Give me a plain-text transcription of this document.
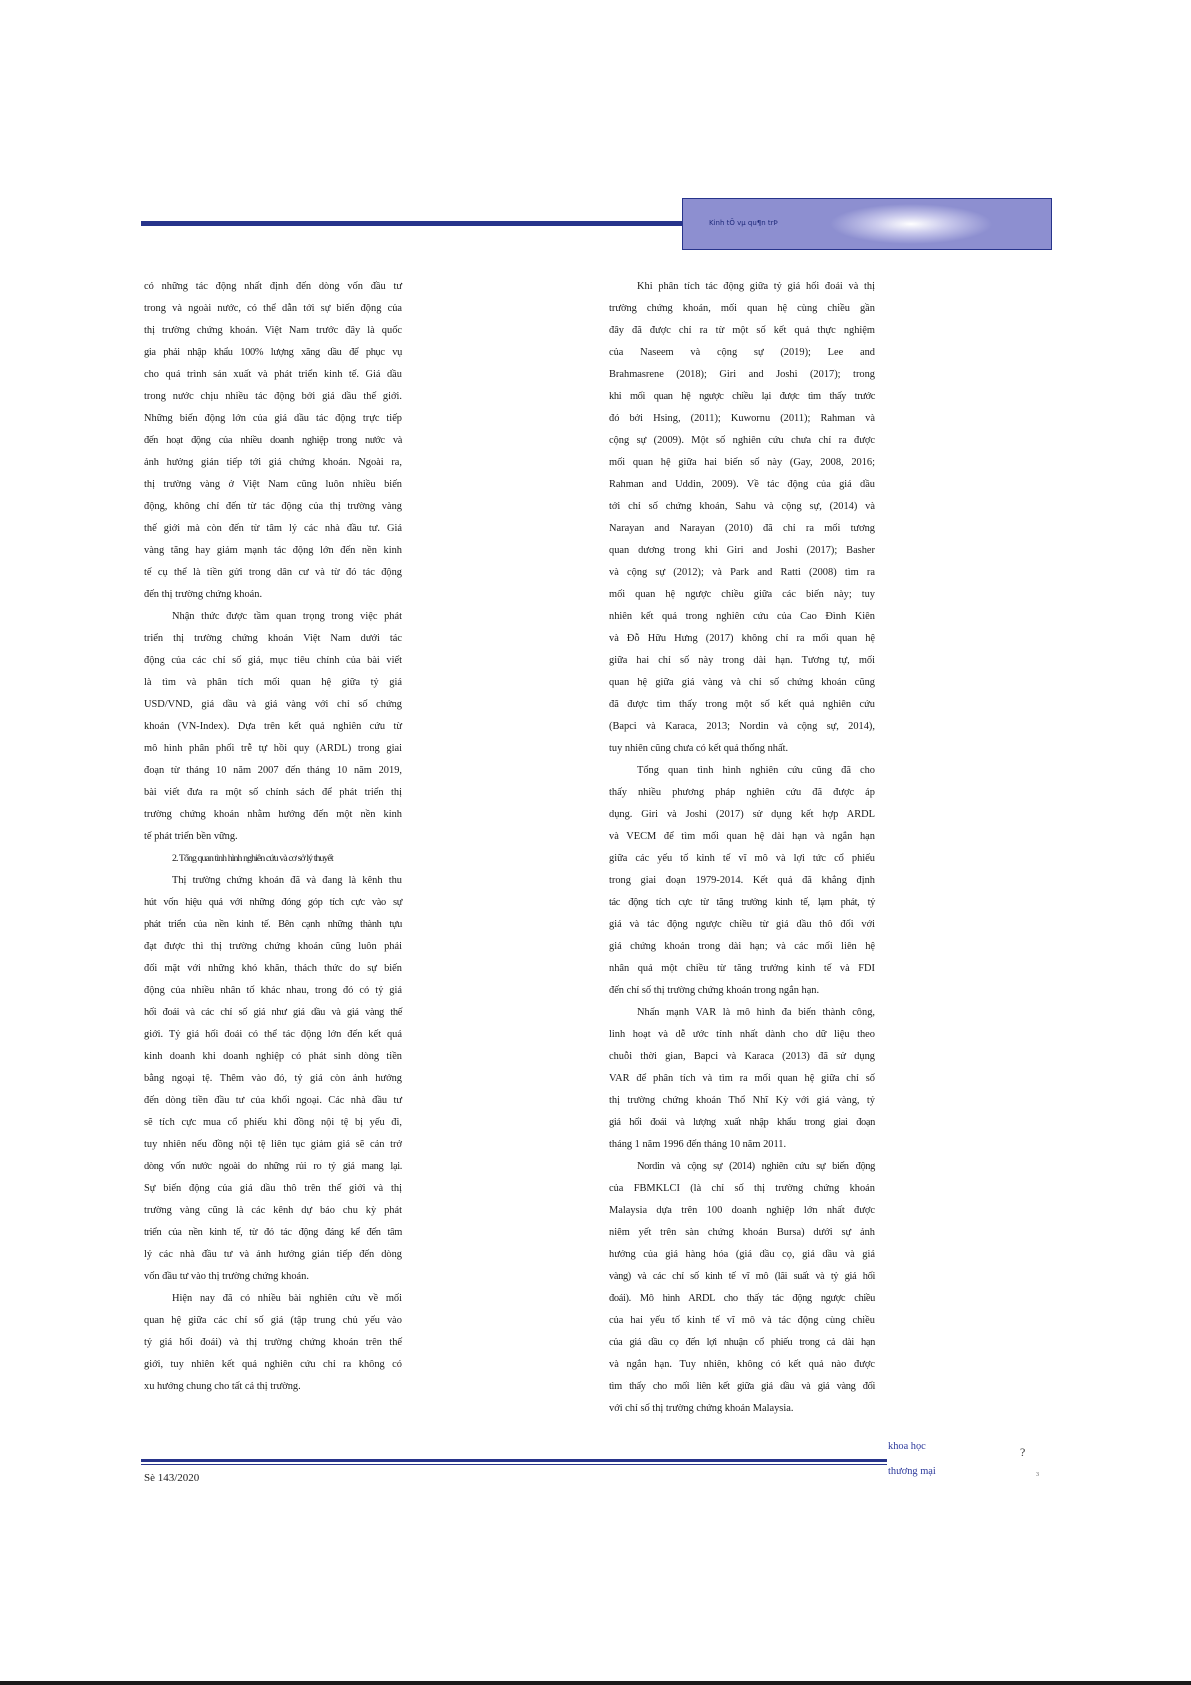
Kinh tÕ vµ qu¶n trÞ
có những tác động nhất định đến dòng vốn đầu tư
trong và ngoài nước, có thể dẫn tới sự biến động của
thị trường chứng khoán. Việt Nam trước đây là quốc
gia phải nhập khẩu 100% lượng xăng dầu để phục vụ
cho quá trình sản xuất và phát triển kinh tế. Giá dầu
trong nước chịu nhiều tác động bởi giá dầu thế giới.
Những biến động lớn của giá dầu tác động trực tiếp
đến hoạt động của nhiều doanh nghiệp trong nước và
ảnh hưởng gián tiếp tới giá chứng khoán. Ngoài ra,
thị trường vàng ở Việt Nam cũng luôn nhiều biến
động, không chỉ đến từ tác động của thị trường vàng
thế giới mà còn đến từ tâm lý các nhà đầu tư. Giá
vàng tăng hay giảm mạnh tác động lớn đến nền kinh
tế cụ thể là tiền gửi trong dân cư và từ đó tác động
đến thị trường chứng khoán.
Nhận thức được tầm quan trọng trong việc phát
triển thị trường chứng khoán Việt Nam dưới tác
động của các chỉ số giá, mục tiêu chính của bài viết
là tìm và phân tích mối quan hệ giữa tỷ giá
USD/VND, giá dầu và giá vàng với chỉ số chứng
khoán (VN-Index). Dựa trên kết quả nghiên cứu từ
mô hình phân phối trễ tự hồi quy (ARDL) trong giai
đoạn từ tháng 10 năm 2007 đến tháng 10 năm 2019,
bài viết đưa ra một số chính sách để phát triển thị
trường chứng khoán nhằm hướng đến một nền kinh
tế phát triển bền vững.
2. Tổng quan tình hình nghiên cứu và cơ sở lý thuyết
Thị trường chứng khoán đã và đang là kênh thu
hút vốn hiệu quả với những đóng góp tích cực vào sự
phát triển của nền kinh tế. Bên cạnh những thành tựu
đạt được thì thị trường chứng khoán cũng luôn phải
đối mặt với những khó khăn, thách thức do sự biến
động của nhiều nhân tố khác nhau, trong đó có tỷ giá
hối đoái và các chỉ số giá như giá dầu và giá vàng thế
giới. Tỷ giá hối đoái có thể tác động lớn đến kết quả
kinh doanh khi doanh nghiệp có phát sinh dòng tiền
bằng ngoại tệ. Thêm vào đó, tỷ giá còn ảnh hưởng
đến dòng tiền đầu tư của khối ngoại. Các nhà đầu tư
sẽ tích cực mua cổ phiếu khi đồng nội tệ bị yếu đi,
tuy nhiên nếu đồng nội tệ liên tục giảm giá sẽ cản trở
dòng vốn nước ngoài do những rủi ro tỷ giá mang lại.
Sự biến động của giá dầu thô trên thế giới và thị
trường vàng cũng là các kênh dự báo chu kỳ phát
triển của nền kinh tế, từ đó tác động đáng kể đến tâm
lý các nhà đầu tư và ảnh hưởng gián tiếp đến dòng
vốn đầu tư vào thị trường chứng khoán.
Hiện nay đã có nhiều bài nghiên cứu về mối
quan hệ giữa các chỉ số giá (tập trung chủ yếu vào
tỷ giá hối đoái) và thị trường chứng khoán trên thế
giới, tuy nhiên kết quả nghiên cứu chỉ ra không có
xu hướng chung cho tất cả thị trường.
Khi phân tích tác động giữa tỷ giá hối đoái và thị
trường chứng khoán, mối quan hệ cùng chiều gần
đây đã được chỉ ra từ một số kết quả thực nghiệm
của Naseem và cộng sự (2019); Lee and
Brahmasrene (2018); Giri and Joshi (2017); trong
khi mối quan hệ ngược chiều lại được tìm thấy trước
đó bởi Hsing, (2011); Kuwornu (2011); Rahman và
cộng sự (2009). Một số nghiên cứu chưa chỉ ra được
mối quan hệ giữa hai biến số này (Gay, 2008, 2016;
Rahman and Uddin, 2009). Về tác động của giá dầu
tới chỉ số chứng khoán, Sahu và cộng sự, (2014) và
Narayan and Narayan (2010) đã chỉ ra mối tương
quan dương trong khi Giri and Joshi (2017); Basher
và cộng sự (2012); và Park and Ratti (2008) tìm ra
mối quan hệ ngược chiều giữa các biến này; tuy
nhiên kết quả trong nghiên cứu của Cao Đình Kiên
và Đỗ Hữu Hưng (2017) không chỉ ra mối quan hệ
giữa hai chỉ số này trong dài hạn. Tương tự, mối
quan hệ giữa giá vàng và chỉ số chứng khoán cũng
đã được tìm thấy trong một số kết quả nghiên cứu
(Bapci và Karaca, 2013; Nordin và cộng sự, 2014),
tuy nhiên cũng chưa có kết quả thống nhất.
Tổng quan tình hình nghiên cứu cũng đã cho
thấy nhiều phương pháp nghiên cứu đã được áp
dụng. Giri và Joshi (2017) sử dụng kết hợp ARDL
và VECM để tìm mối quan hệ dài hạn và ngắn hạn
giữa các yếu tố kinh tế vĩ mô và lợi tức cổ phiếu
trong giai đoạn 1979-2014. Kết quả đã khẳng định
tác động tích cực từ tăng trưởng kinh tế, lạm phát, tỷ
giá và tác động ngược chiều từ giá dầu thô đối với
giá chứng khoán trong dài hạn; và các mối liên hệ
nhân quả một chiều từ tăng trưởng kinh tế và FDI
đến chỉ số thị trường chứng khoán trong ngắn hạn.
Nhấn mạnh VAR là mô hình đa biến thành công,
linh hoạt và dễ ước tính nhất dành cho dữ liệu theo
chuỗi thời gian, Bapci và Karaca (2013) đã sử dụng
VAR để phân tích và tìm ra mối quan hệ giữa chỉ số
thị trường chứng khoán Thổ Nhĩ Kỳ với giá vàng, tỷ
giá hối đoái và lượng xuất nhập khẩu trong giai đoạn
tháng 1 năm 1996 đến tháng 10 năm 2011.
Nordin và cộng sự (2014) nghiên cứu sự biến động
của FBMKLCI (là chỉ số thị trường chứng khoán
Malaysia dựa trên 100 doanh nghiệp lớn nhất được
niêm yết trên sàn chứng khoán Bursa) dưới sự ảnh
hưởng của giá hàng hóa (giá dầu cọ, giá dầu và giá
vàng) và các chỉ số kinh tế vĩ mô (lãi suất và tỷ giá hối
đoái). Mô hình ARDL cho thấy tác động ngược chiều
của hai yếu tố kinh tế vĩ mô và tác động cùng chiều
của giá dầu cọ đến lợi nhuận cổ phiếu trong cả dài hạn
và ngắn hạn. Tuy nhiên, không có kết quả nào được
tìm thấy cho mối liên kết giữa giá dầu và giá vàng đối
với chỉ số thị trường chứng khoán Malaysia.
khoa học
thương mại
?
3
Sè 143/2020
